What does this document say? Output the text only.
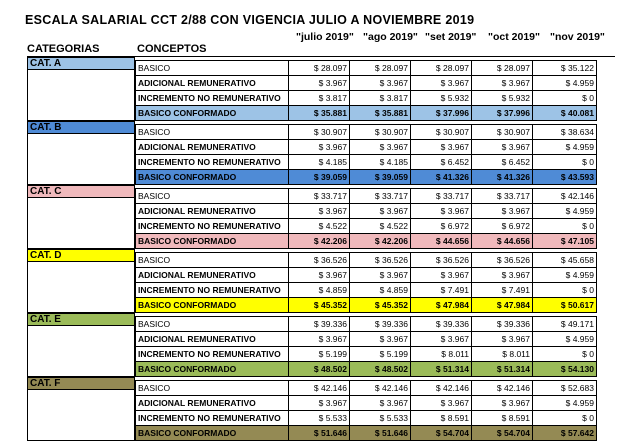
ESCALA SALARIAL CCT 2/88 CON VIGENCIA JULIO A NOVIEMBRE 2019
"julio 2019" "ago 2019" "set 2019" "oct 2019" "nov 2019"
CATEGORIAS	CONCEPTOS
CAT. A
						BASICO	$ 28.097	$ 28.097	$ 28.097	$ 28.097	$ 35.122
ADICIONAL REMUNERATIVO	$ 3.967	$ 3.967	$ 3.967	$ 3.967	$ 4.959
INCREMENTO NO REMUNERATIVO	$ 3.817	$ 3.817	$ 5.932	$ 5.932	$ 0
BASICO CONFORMADO	$ 35.881	$ 35.881	$ 37.996	$ 37.996	$ 40.081
CAT. B
						BASICO	$ 30.907	$ 30.907	$ 30.907	$ 30.907	$ 38.634
ADICIONAL REMUNERATIVO	$ 3.967	$ 3.967	$ 3.967	$ 3.967	$ 4.959
INCREMENTO NO REMUNERATIVO	$ 4.185	$ 4.185	$ 6.452	$ 6.452	$ 0
BASICO CONFORMADO	$ 39.059	$ 39.059	$ 41.326	$ 41.326	$ 43.593
CAT. C
						BASICO	$ 33.717	$ 33.717	$ 33.717	$ 33.717	$ 42.146
ADICIONAL REMUNERATIVO	$ 3.967	$ 3.967	$ 3.967	$ 3.967	$ 4.959
INCREMENTO NO REMUNERATIVO	$ 4.522	$ 4.522	$ 6.972	$ 6.972	$ 0
BASICO CONFORMADO	$ 42.206	$ 42.206	$ 44.656	$ 44.656	$ 47.105
CAT. D
						BASICO	$ 36.526	$ 36.526	$ 36.526	$ 36.526	$ 45.658
ADICIONAL REMUNERATIVO	$ 3.967	$ 3.967	$ 3.967	$ 3.967	$ 4.959
INCREMENTO NO REMUNERATIVO	$ 4.859	$ 4.859	$ 7.491	$ 7.491	$ 0
BASICO CONFORMADO	$ 45.352	$ 45.352	$ 47.984	$ 47.984	$ 50.617
CAT. E
						BASICO	$ 39.336	$ 39.336	$ 39.336	$ 39.336	$ 49.171
ADICIONAL REMUNERATIVO	$ 3.967	$ 3.967	$ 3.967	$ 3.967	$ 4.959
INCREMENTO NO REMUNERATIVO	$ 5.199	$ 5.199	$ 8.011	$ 8.011	$ 0
BASICO CONFORMADO	$ 48.502	$ 48.502	$ 51.314	$ 51.314	$ 54.130
CAT. F
						BASICO	$ 42.146	$ 42.146	$ 42.146	$ 42.146	$ 52.683
ADICIONAL REMUNERATIVO	$ 3.967	$ 3.967	$ 3.967	$ 3.967	$ 4.959
INCREMENTO NO REMUNERATIVO	$ 5.533	$ 5.533	$ 8.591	$ 8.591	$ 0
BASICO CONFORMADO	$ 51.646	$ 51.646	$ 54.704	$ 54.704	$ 57.642
